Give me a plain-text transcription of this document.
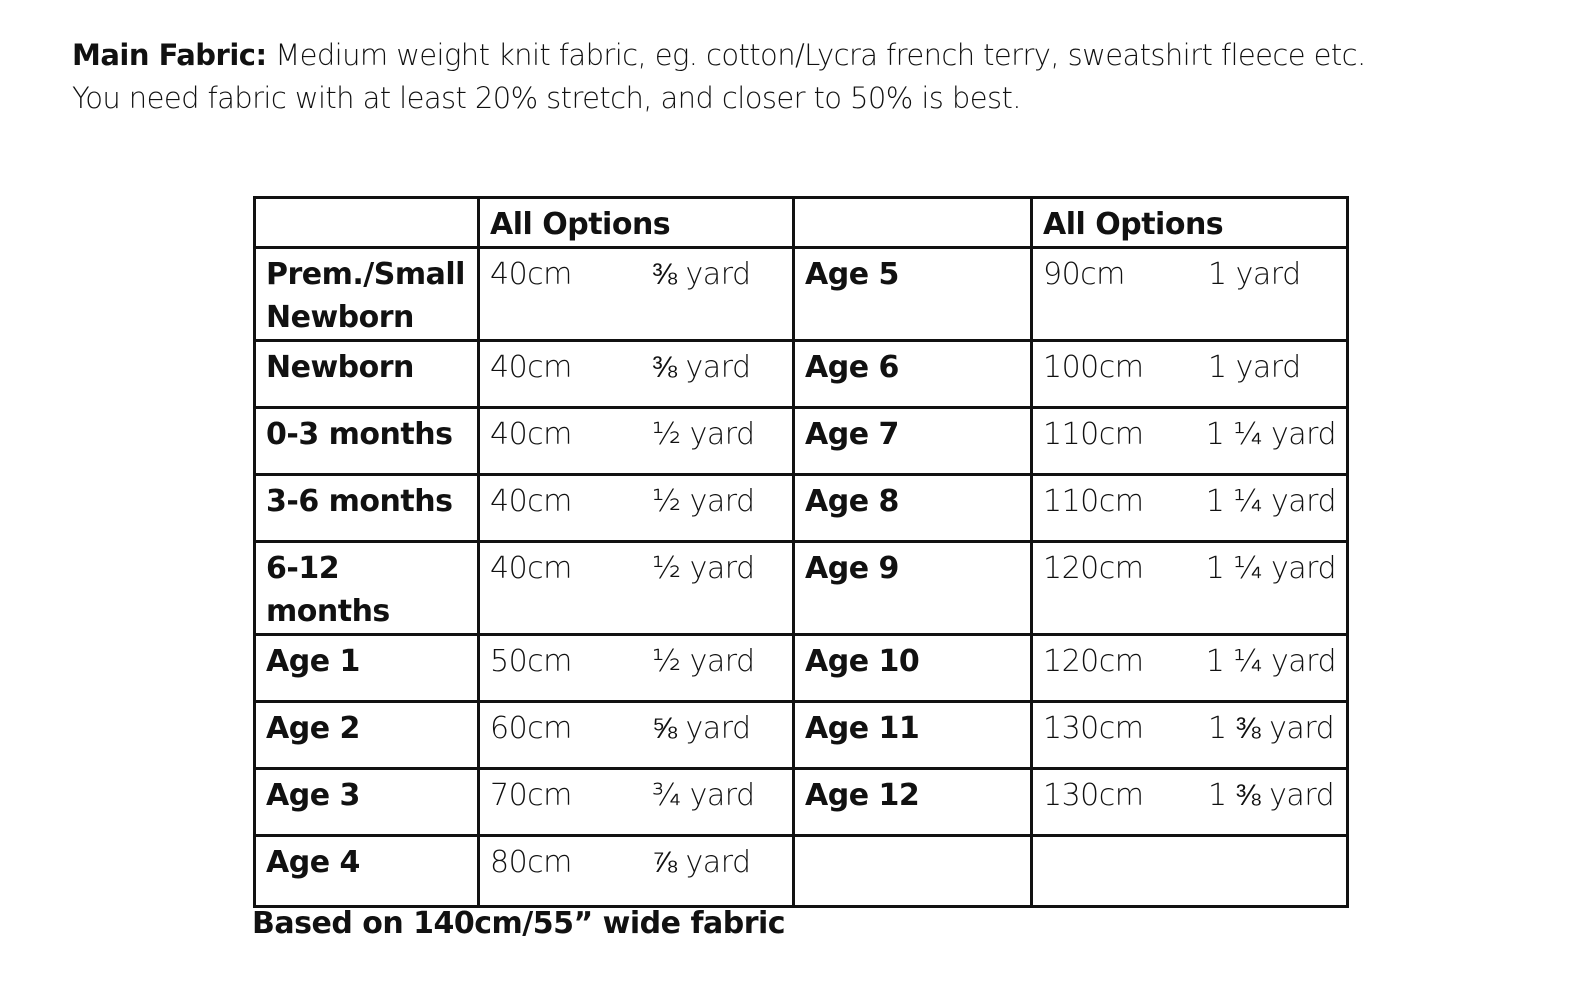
Main Fabric: Medium weight knit fabric, eg. cotton/Lycra french terry, sweatshirt fleece etc.

You need fabric with at least 20% stretch, and closer to 50% is best.

	All Options		All Options
Prem./Small Newborn	40cm ⅜ yard	Age 5	90cm 1 yard

Newborn	40cm ⅜ yard	Age 6	100cm 1 yard

0-3 months	40cm ½ yard	Age 7	110cm 1 ¼ yard

3-6 months	40cm ½ yard	Age 8	110cm 1 ¼ yard

6-12 months	40cm ½ yard	Age 9	120cm 1 ¼ yard

Age 1	50cm ½ yard	Age 10	120cm 1 ¼ yard

Age 2	60cm ⅝ yard	Age 11	130cm 1 ⅜ yard

Age 3	70cm ¾ yard	Age 12	130cm 1 ⅜ yard

Age 4	80cm ⅞ yard		

Based on 140cm/55” wide fabric
